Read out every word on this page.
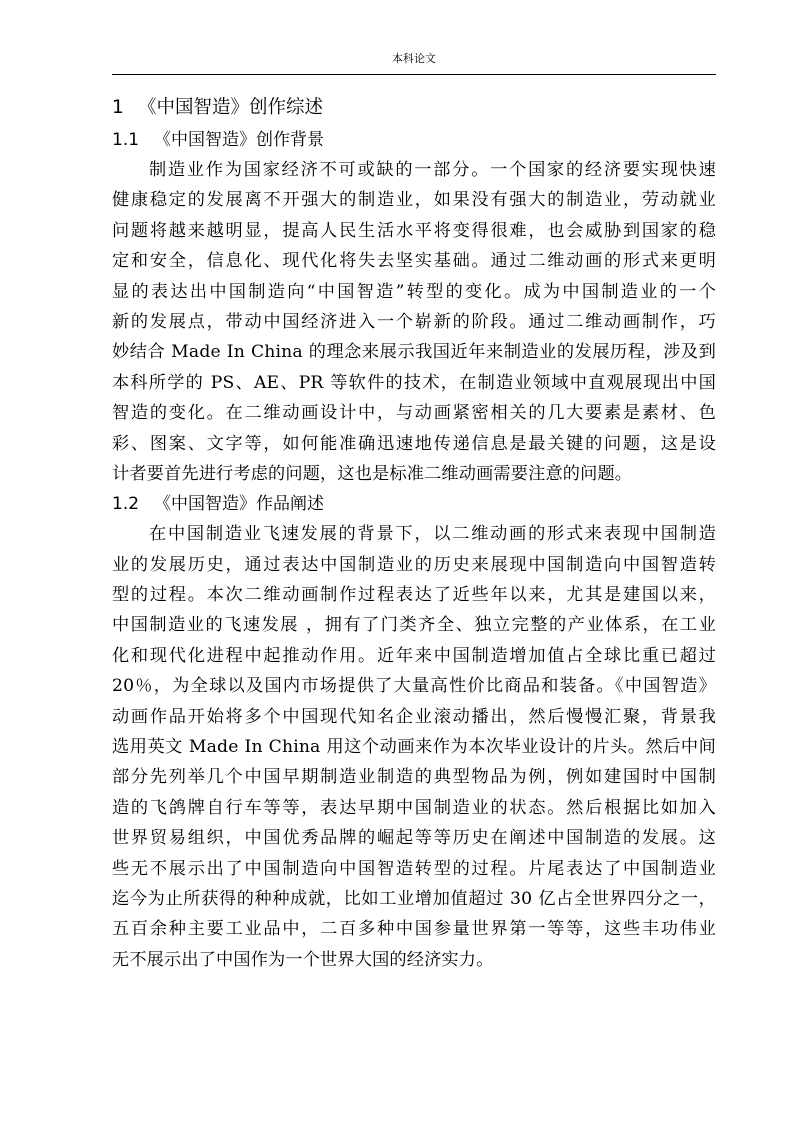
本科论文
1 《中国智造》创作综述
1.1 《中国智造》创作背景
制造业作为国家经济不可或缺的一部分。一个国家的经济要实现快速
健康稳定的发展离不开强大的制造业，如果没有强大的制造业，劳动就业
问题将越来越明显，提高人民生活水平将变得很难，也会威胁到国家的稳
定和安全，信息化、现代化将失去坚实基础。通过二维动画的形式来更明
显的表达出中国制造向“中国智造”转型的变化。成为中国制造业的一个
新的发展点，带动中国经济进入一个崭新的阶段。通过二维动画制作，巧
妙结合 Made In China 的理念来展示我国近年来制造业的发展历程，涉及到
本科所学的 PS、AE、PR 等软件的技术，在制造业领域中直观展现出中国
智造的变化。在二维动画设计中，与动画紧密相关的几大要素是素材、色
彩、图案、文字等，如何能准确迅速地传递信息是最关键的问题，这是设
计者要首先进行考虑的问题，这也是标准二维动画需要注意的问题。
1.2 《中国智造》作品阐述
在中国制造业飞速发展的背景下，以二维动画的形式来表现中国制造
业的发展历史，通过表达中国制造业的历史来展现中国制造向中国智造转
型的过程。本次二维动画制作过程表达了近些年以来，尤其是建国以来，
中国制造业的飞速发展 ，拥有了门类齐全、独立完整的产业体系，在工业
化和现代化进程中起推动作用。近年来中国制造增加值占全球比重已超过
20％，为全球以及国内市场提供了大量高性价比商品和装备。《中国智造》
动画作品开始将多个中国现代知名企业滚动播出，然后慢慢汇聚，背景我
选用英文 Made In China 用这个动画来作为本次毕业设计的片头。然后中间
部分先列举几个中国早期制造业制造的典型物品为例，例如建国时中国制
造的飞鸽牌自行车等等，表达早期中国制造业的状态。然后根据比如加入
世界贸易组织，中国优秀品牌的崛起等等历史在阐述中国制造的发展。这
些无不展示出了中国制造向中国智造转型的过程。片尾表达了中国制造业
迄今为止所获得的种种成就，比如工业增加值超过 30 亿占全世界四分之一，
五百余种主要工业品中，二百多种中国参量世界第一等等，这些丰功伟业
无不展示出了中国作为一个世界大国的经济实力。
